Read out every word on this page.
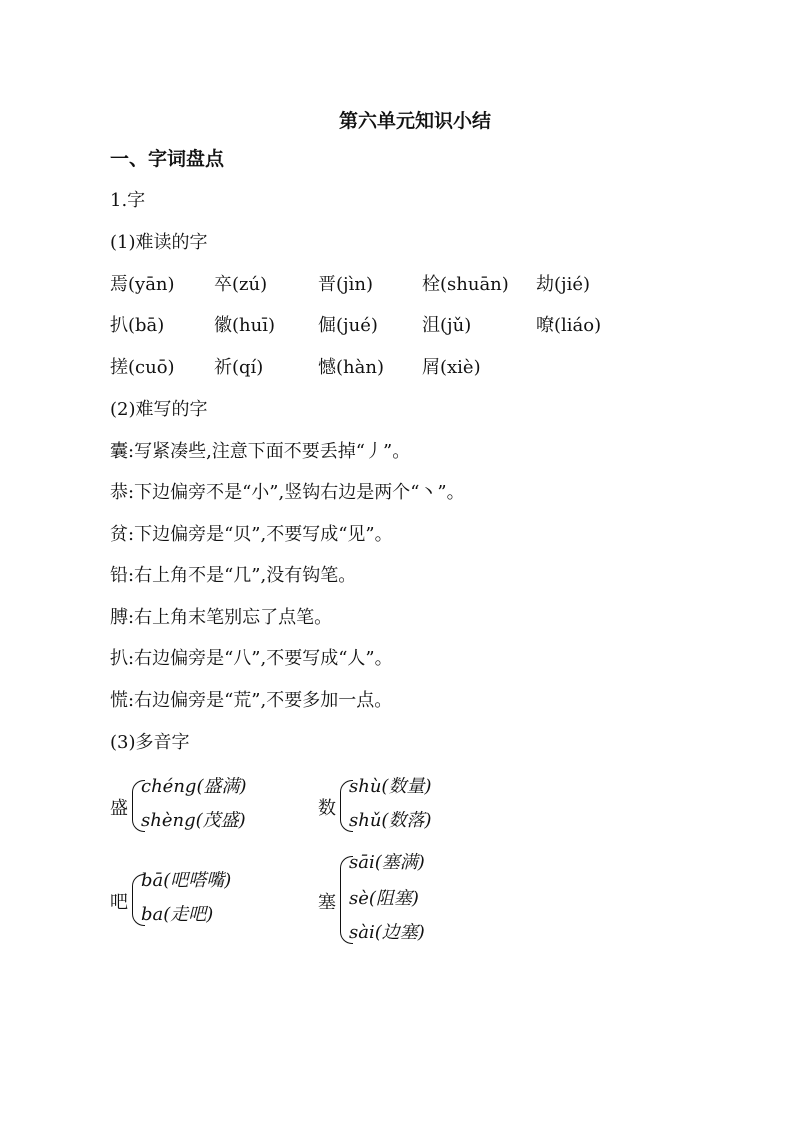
第六单元知识小结
一、字词盘点
1.字
(1)难读的字
焉(yān) 卒(zú)	晋(jìn)	栓(shuān) 劫(jié)
扒(bā)	徽(huī) 倔(jué) 沮(jǔ)	嘹(liáo)
搓(cuō) 祈(qí)	憾(hàn) 屑(xiè)
(2)难写的字
囊:写紧凑些,注意下面不要丢掉“丿”。
恭:下边偏旁不是“小”,竖钩右边是两个“丶”。
贫:下边偏旁是“贝”,不要写成“见”。
铅:右上角不是“几”,没有钩笔。
膊:右上角末笔别忘了点笔。
扒:右边偏旁是“八”,不要写成“人”。
慌:右边偏旁是“荒”,不要多加一点。
(3)多音字
盛
chéng(盛满)
shèng(茂盛)
数
shù(数量)
shǔ(数落)
吧
bā(吧嗒嘴)
ba(走吧)
塞
sāi(塞满)
sè(阻塞)
sài(边塞)
